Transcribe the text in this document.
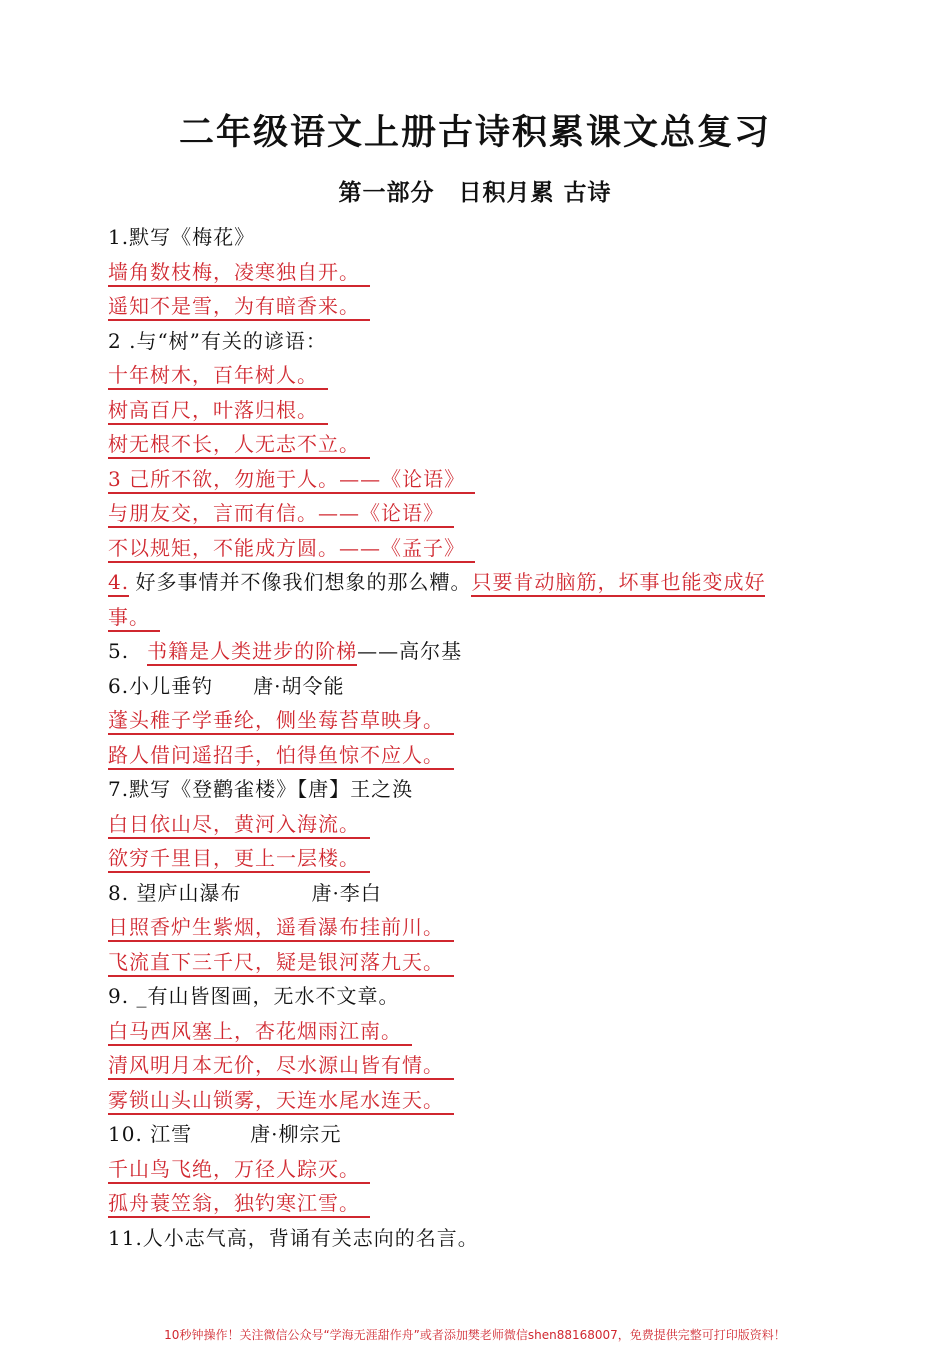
二年级语文上册古诗积累课文总复习
第一部分　日积月累 古诗
1.默写《梅花》
墙角数枝梅，凌寒独自开。
遥知不是雪，为有暗香来。
2 .与“树”有关的谚语：
十年树木，百年树人。
树高百尺，叶落归根。
树无根不长，人无志不立。
3 己所不欲，勿施于人。——《论语》
与朋友交，言而有信。——《论语》
不以规矩，不能成方圆。——《孟子》
4. 好多事情并不像我们想象的那么糟。只要肯动脑筋，坏事也能变成好
事。
5. 书籍是人类进步的阶梯——高尔基
6.小儿垂钓 唐·胡令能
蓬头稚子学垂纶，侧坐莓苔草映身。
路人借问遥招手，怕得鱼惊不应人。
7.默写《登鹳雀楼》【唐】王之涣
白日依山尽，黄河入海流。
欲穷千里目，更上一层楼。
8. 望庐山瀑布	唐·李白
日照香炉生紫烟，遥看瀑布挂前川。
飞流直下三千尺，疑是银河落九天。
9. _有山皆图画，无水不文章。
白马西风塞上，杏花烟雨江南。
清风明月本无价，尽水源山皆有情。
雾锁山头山锁雾，天连水尾水连天。
10. 江雪	唐·柳宗元
千山鸟飞绝，万径人踪灭。
孤舟蓑笠翁，独钓寒江雪。
11.人小志气高，背诵有关志向的名言。
10秒钟操作！关注微信公众号“学海无涯甜作舟”或者添加樊老师微信shen88168007，免费提供完整可打印版资料！
